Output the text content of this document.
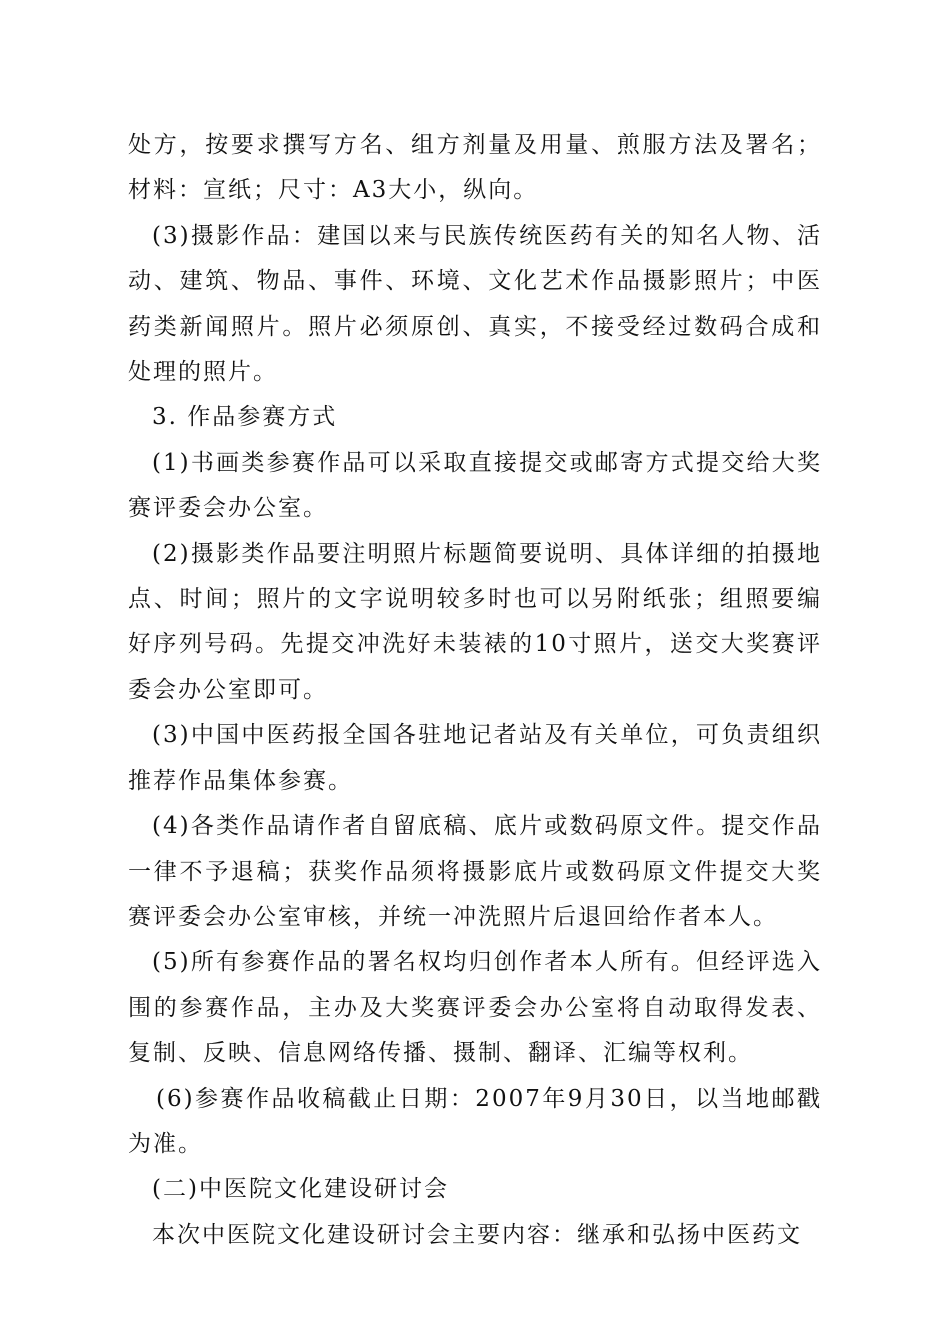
处方，按要求撰写方名、组方剂量及用量、煎服方法及署名；材料：宣纸；尺寸：A3大小，纵向。

(3)摄影作品：建国以来与民族传统医药有关的知名人物、活动、建筑、物品、事件、环境、文化艺术作品摄影照片；中医药类新闻照片。照片必须原创、真实，不接受经过数码合成和处理的照片。

3. 作品参赛方式

(1)书画类参赛作品可以采取直接提交或邮寄方式提交给大奖赛评委会办公室。

(2)摄影类作品要注明照片标题简要说明、具体详细的拍摄地点、时间；照片的文字说明较多时也可以另附纸张；组照要编好序列号码。先提交冲洗好未装裱的10寸照片，送交大奖赛评委会办公室即可。

(3)中国中医药报全国各驻地记者站及有关单位，可负责组织推荐作品集体参赛。

(4)各类作品请作者自留底稿、底片或数码原文件。提交作品一律不予退稿；获奖作品须将摄影底片或数码原文件提交大奖赛评委会办公室审核，并统一冲洗照片后退回给作者本人。

(5)所有参赛作品的署名权均归创作者本人所有。但经评选入围的参赛作品，主办及大奖赛评委会办公室将自动取得发表、复制、反映、信息网络传播、摄制、翻译、汇编等权利。

(6)参赛作品收稿截止日期：2007年9月30日，以当地邮戳为准。

(二)中医院文化建设研讨会

本次中医院文化建设研讨会主要内容：继承和弘扬中医药文
